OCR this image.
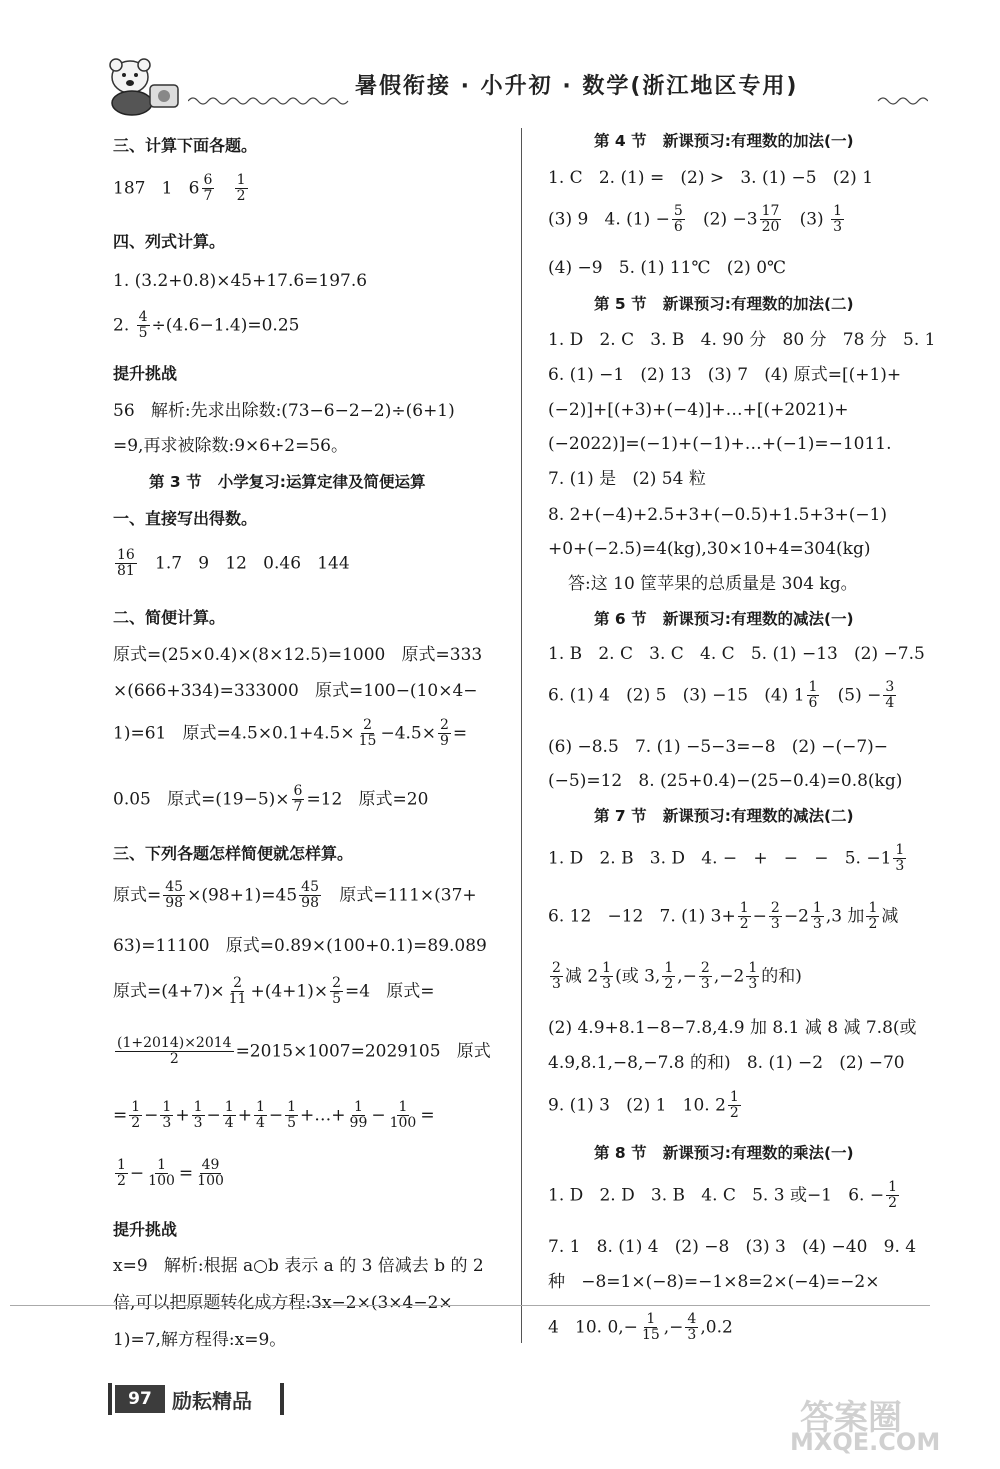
暑假衔接 · 小升初 · 数学(浙江地区专用)
三、计算下面各题。
187   1   $6 \frac{6}{7}$
$\frac{1}{2}$
四、列式计算。
1. (3.2+0.8)×45+17.6=197.6
2. $\frac{4}{5} \div(4.6-1.4)=0.25$
提升挑战
56   解析:先求出除数:(73−6−2−2)÷(6+1)
=9,再求被除数:9×6+2=56。
第 3 节   小学复习:运算定律及简便运算
一、直接写出得数。
$\frac{16}{81} 1.7$   9   12   0.46   144
二、简便计算。
原式=(25×0.4)×(8×12.5)=1000   原式=333
×(666+334)=333000   原式=100−(10×4−
1)=61   原式$=4.5\times 0.1+4.5\times \frac{2}{15} -4.5\times \frac{2}{9}$ =
0.05   原式$=(19-5)\times \frac{6}{7} =12$   原式=20
三、下列各题怎样简便就怎样算。
原式= $\frac{45}{98} \times(98+1)=45 \frac{45}{98}$ 原式=111×(37+
63)=11100   原式=0.89×(100+0.1)=89.089
原式$=(4+7)\times \frac{2}{11} +(4+1)\times \frac{2}{5} =4$   原式=
$\frac{(1+2014)\times 2014}{2} =2015\times 1007=2029105$   原式
= $\frac{1}{2} - \frac{1}{3} + \frac{1}{3} - \frac{1}{4} + \frac{1}{4} - \frac{1}{5}$ +…+ $\frac{1}{99} - \frac{1}{100}$ =
$\frac{1}{2} - \frac{1}{100} = \frac{49}{100}$
提升挑战
x=9   解析:根据 a○b 表示 a 的 3 倍减去 b 的 2
倍,可以把原题转化成方程:3x−2×(3×4−2×
1)=7,解方程得:x=9。
第 4 节   新课预习:有理数的加法(一)
1. C   2. (1) =   (2) >   3. (1) −5   (2) 1
(3) 9   4. $(1) - \frac{5}{6} (2) -3 \frac{17}{20} (3) \frac{1}{3}$
(4) −9   5. (1) 11℃   (2) 0℃
第 5 节   新课预习:有理数的加法(二)
1. D   2. C   3. B   4. 90 分   80 分   78 分   5. 1
6. (1) −1   (2) 13   (3) 7   (4) 原式=[(+1)+
(−2)]+[(+3)+(−4)]+…+[(+2021)+
(−2022)]=(−1)+(−1)+…+(−1)=−1011.
7. (1) 是   (2) 54 粒
8. 2+(−4)+2.5+3+(−0.5)+1.5+3+(−1)
+0+(−2.5)=4(kg),30×10+4=304(kg)
答:这 10 筐苹果的总质量是 304 kg。
第 6 节   新课预习:有理数的减法(一)
1. B   2. C   3. C   4. C   5. (1) −13   (2) −7.5
6. (1) 4   (2) 5   (3) −15   (4) $1 \frac{1}{6} (5) - \frac{3}{4}$
(6) −8.5   7. (1) −5−3=−8   (2) −(−7)−
(−5)=12   8. (25+0.4)−(25−0.4)=0.8(kg)
第 7 节   新课预习:有理数的减法(二)
1. D   2. B   3. D   4. −   +   −   −   5. $-1 \frac{1}{3}$
6. 12   −12   7. (1) $3+ \frac{1}{2} - \frac{2}{3} -2 \frac{1}{3} ,3$ 加 $\frac{1}{2}$ 减
$\frac{2}{3}$ 减 $2 \frac{1}{3}$ (或 3, $\frac{1}{2}$ ,− $\frac{2}{3} ,-2 \frac{1}{3}$ 的和)
(2) 4.9+8.1−8−7.8,4.9 加 8.1 减 8 减 7.8(或
4.9,8.1,−8,−7.8 的和)   8. (1) −2   (2) −70
9. (1) 3   (2) 1   10. $2 \frac{1}{2}$
第 8 节   新课预习:有理数的乘法(一)
1. D   2. D   3. B   4. C   5. 3 或−1   6. − $\frac{1}{2}$
7. 1   8. (1) 4   (2) −8   (3) 3   (4) −40   9. 4
种   −8=1×(−8)=−1×8=2×(−4)=−2×
4   10. $0,- \frac{1}{15}$ ,− $\frac{4}{3} ,0.2$
97	励耘精品	答案圈
MXQE.COM
